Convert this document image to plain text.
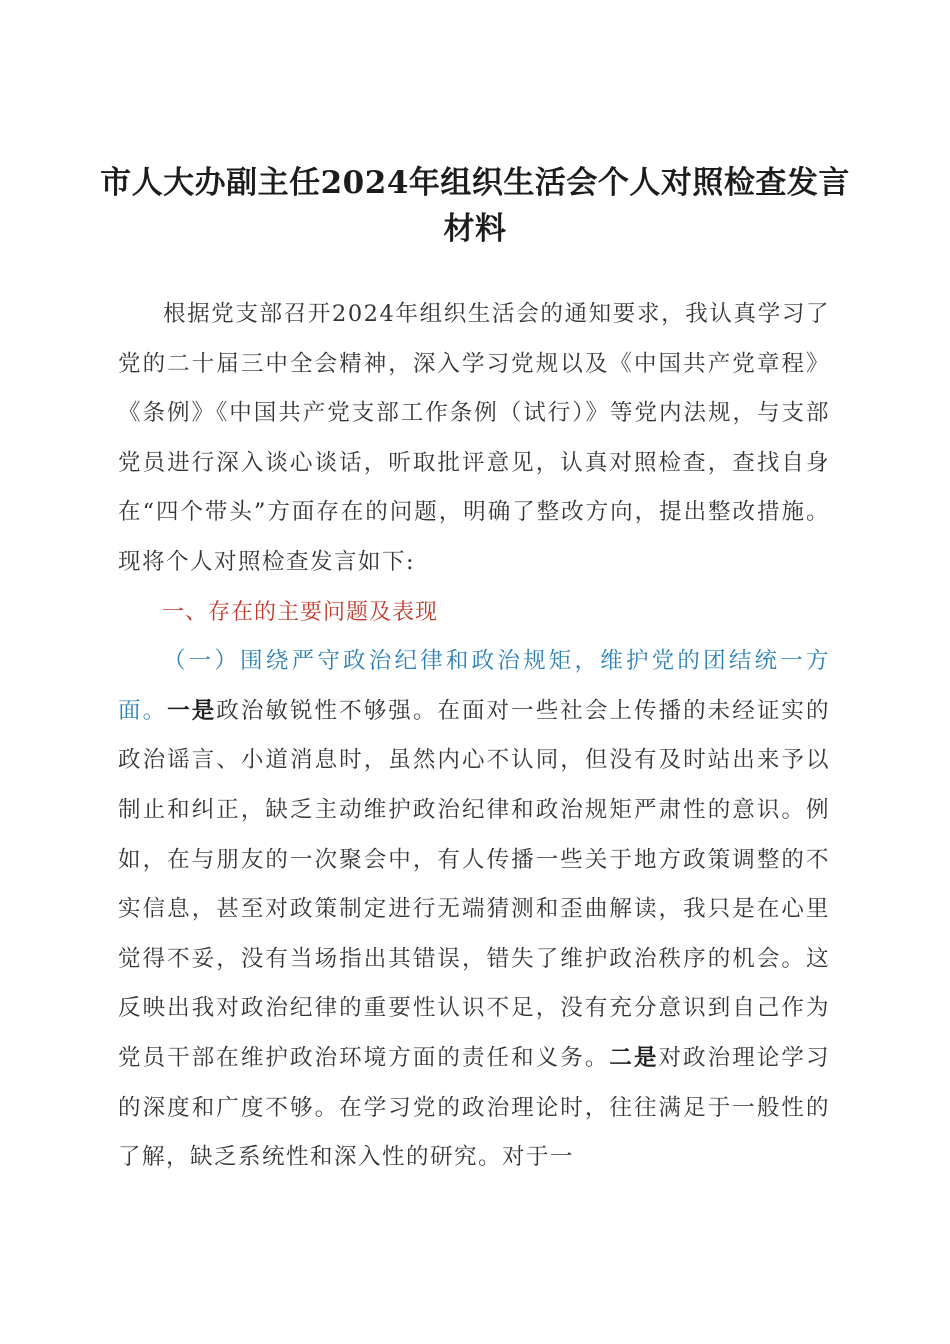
市人大办副主任2024年组织生活会个人对照检查发言材料

根据党支部召开2024年组织生活会的通知要求，我认真学习了党的二十届三中全会精神，深入学习党规以及《中国共产党章程》《条例》《中国共产党支部工作条例（试行）》等党内法规，与支部党员进行深入谈心谈话，听取批评意见，认真对照检查，查找自身在“四个带头”方面存在的问题，明确了整改方向，提出整改措施。现将个人对照检查发言如下:

一、存在的主要问题及表现

（一）围绕严守政治纪律和政治规矩，维护党的团结统一方面。一是政治敏锐性不够强。在面对一些社会上传播的未经证实的政治谣言、小道消息时，虽然内心不认同，但没有及时站出来予以制止和纠正，缺乏主动维护政治纪律和政治规矩严肃性的意识。例如，在与朋友的一次聚会中，有人传播一些关于地方政策调整的不实信息，甚至对政策制定进行无端猜测和歪曲解读，我只是在心里觉得不妥，没有当场指出其错误，错失了维护政治秩序的机会。这反映出我对政治纪律的重要性认识不足，没有充分意识到自己作为党员干部在维护政治环境方面的责任和义务。二是对政治理论学习的深度和广度不够。在学习党的政治理论时，往往满足于一般性的了解，缺乏系统性和深入性的研究。对于一
